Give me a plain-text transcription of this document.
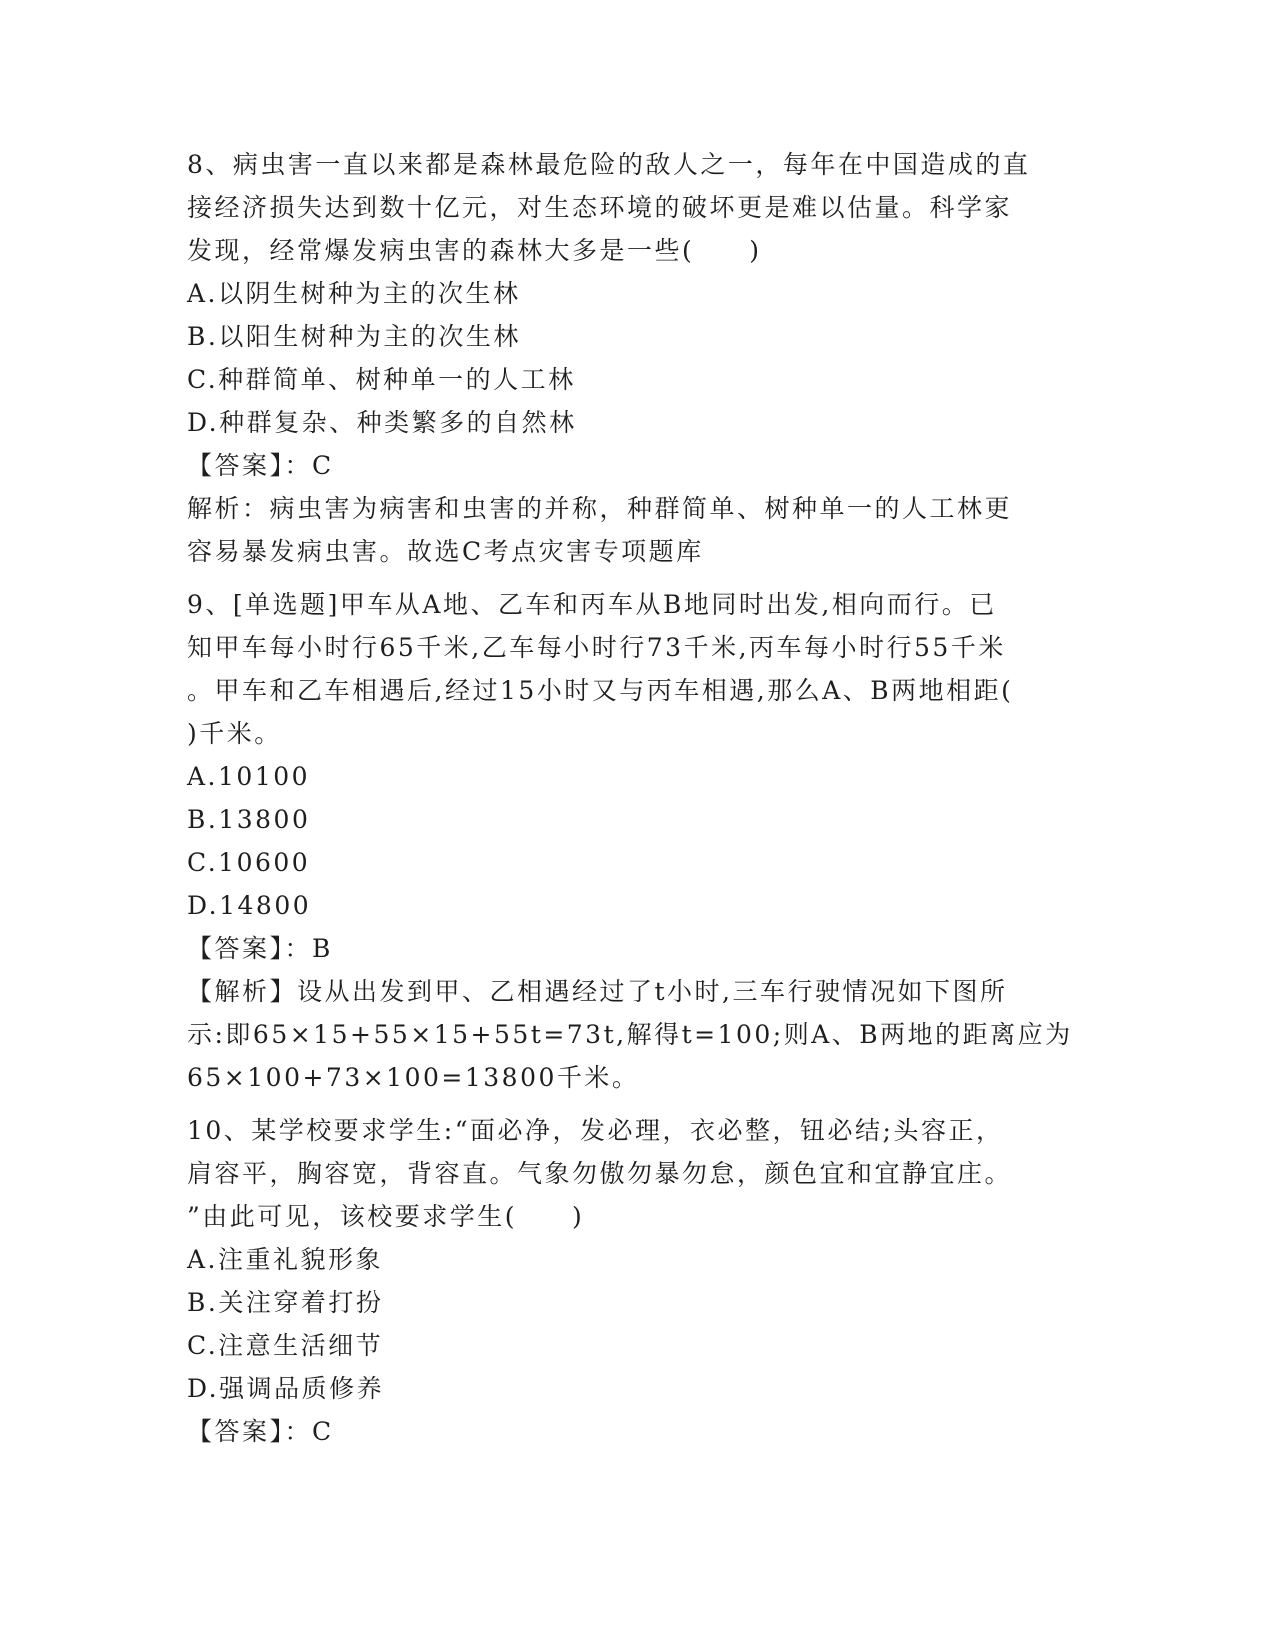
8、病虫害一直以来都是森林最危险的敌人之一，每年在中国造成的直
接经济损失达到数十亿元，对生态环境的破坏更是难以估量。科学家
发现，经常爆发病虫害的森林大多是一些(　　)
A.以阴生树种为主的次生林
B.以阳生树种为主的次生林
C.种群简单、树种单一的人工林
D.种群复杂、种类繁多的自然林
【答案】：C
解析：病虫害为病害和虫害的并称，种群简单、树种单一的人工林更
容易暴发病虫害。故选C考点灾害专项题库
9、[单选题]甲车从A地、乙车和丙车从B地同时出发,相向而行。已
知甲车每小时行65千米,乙车每小时行73千米,丙车每小时行55千米
。甲车和乙车相遇后,经过15小时又与丙车相遇,那么A、B两地相距(
)千米。
A.10100
B.13800
C.10600
D.14800
【答案】：B
【解析】设从出发到甲、乙相遇经过了t小时,三车行驶情况如下图所
示:即65×15+55×15+55t=73t,解得t=100;则A、B两地的距离应为
65×100+73×100=13800千米。
10、某学校要求学生:“面必净，发必理，衣必整，钮必结;头容正，
肩容平，胸容宽，背容直。气象勿傲勿暴勿怠，颜色宜和宜静宜庄。
”由此可见，该校要求学生(　　)
A.注重礼貌形象
B.关注穿着打扮
C.注意生活细节
D.强调品质修养
【答案】：C
